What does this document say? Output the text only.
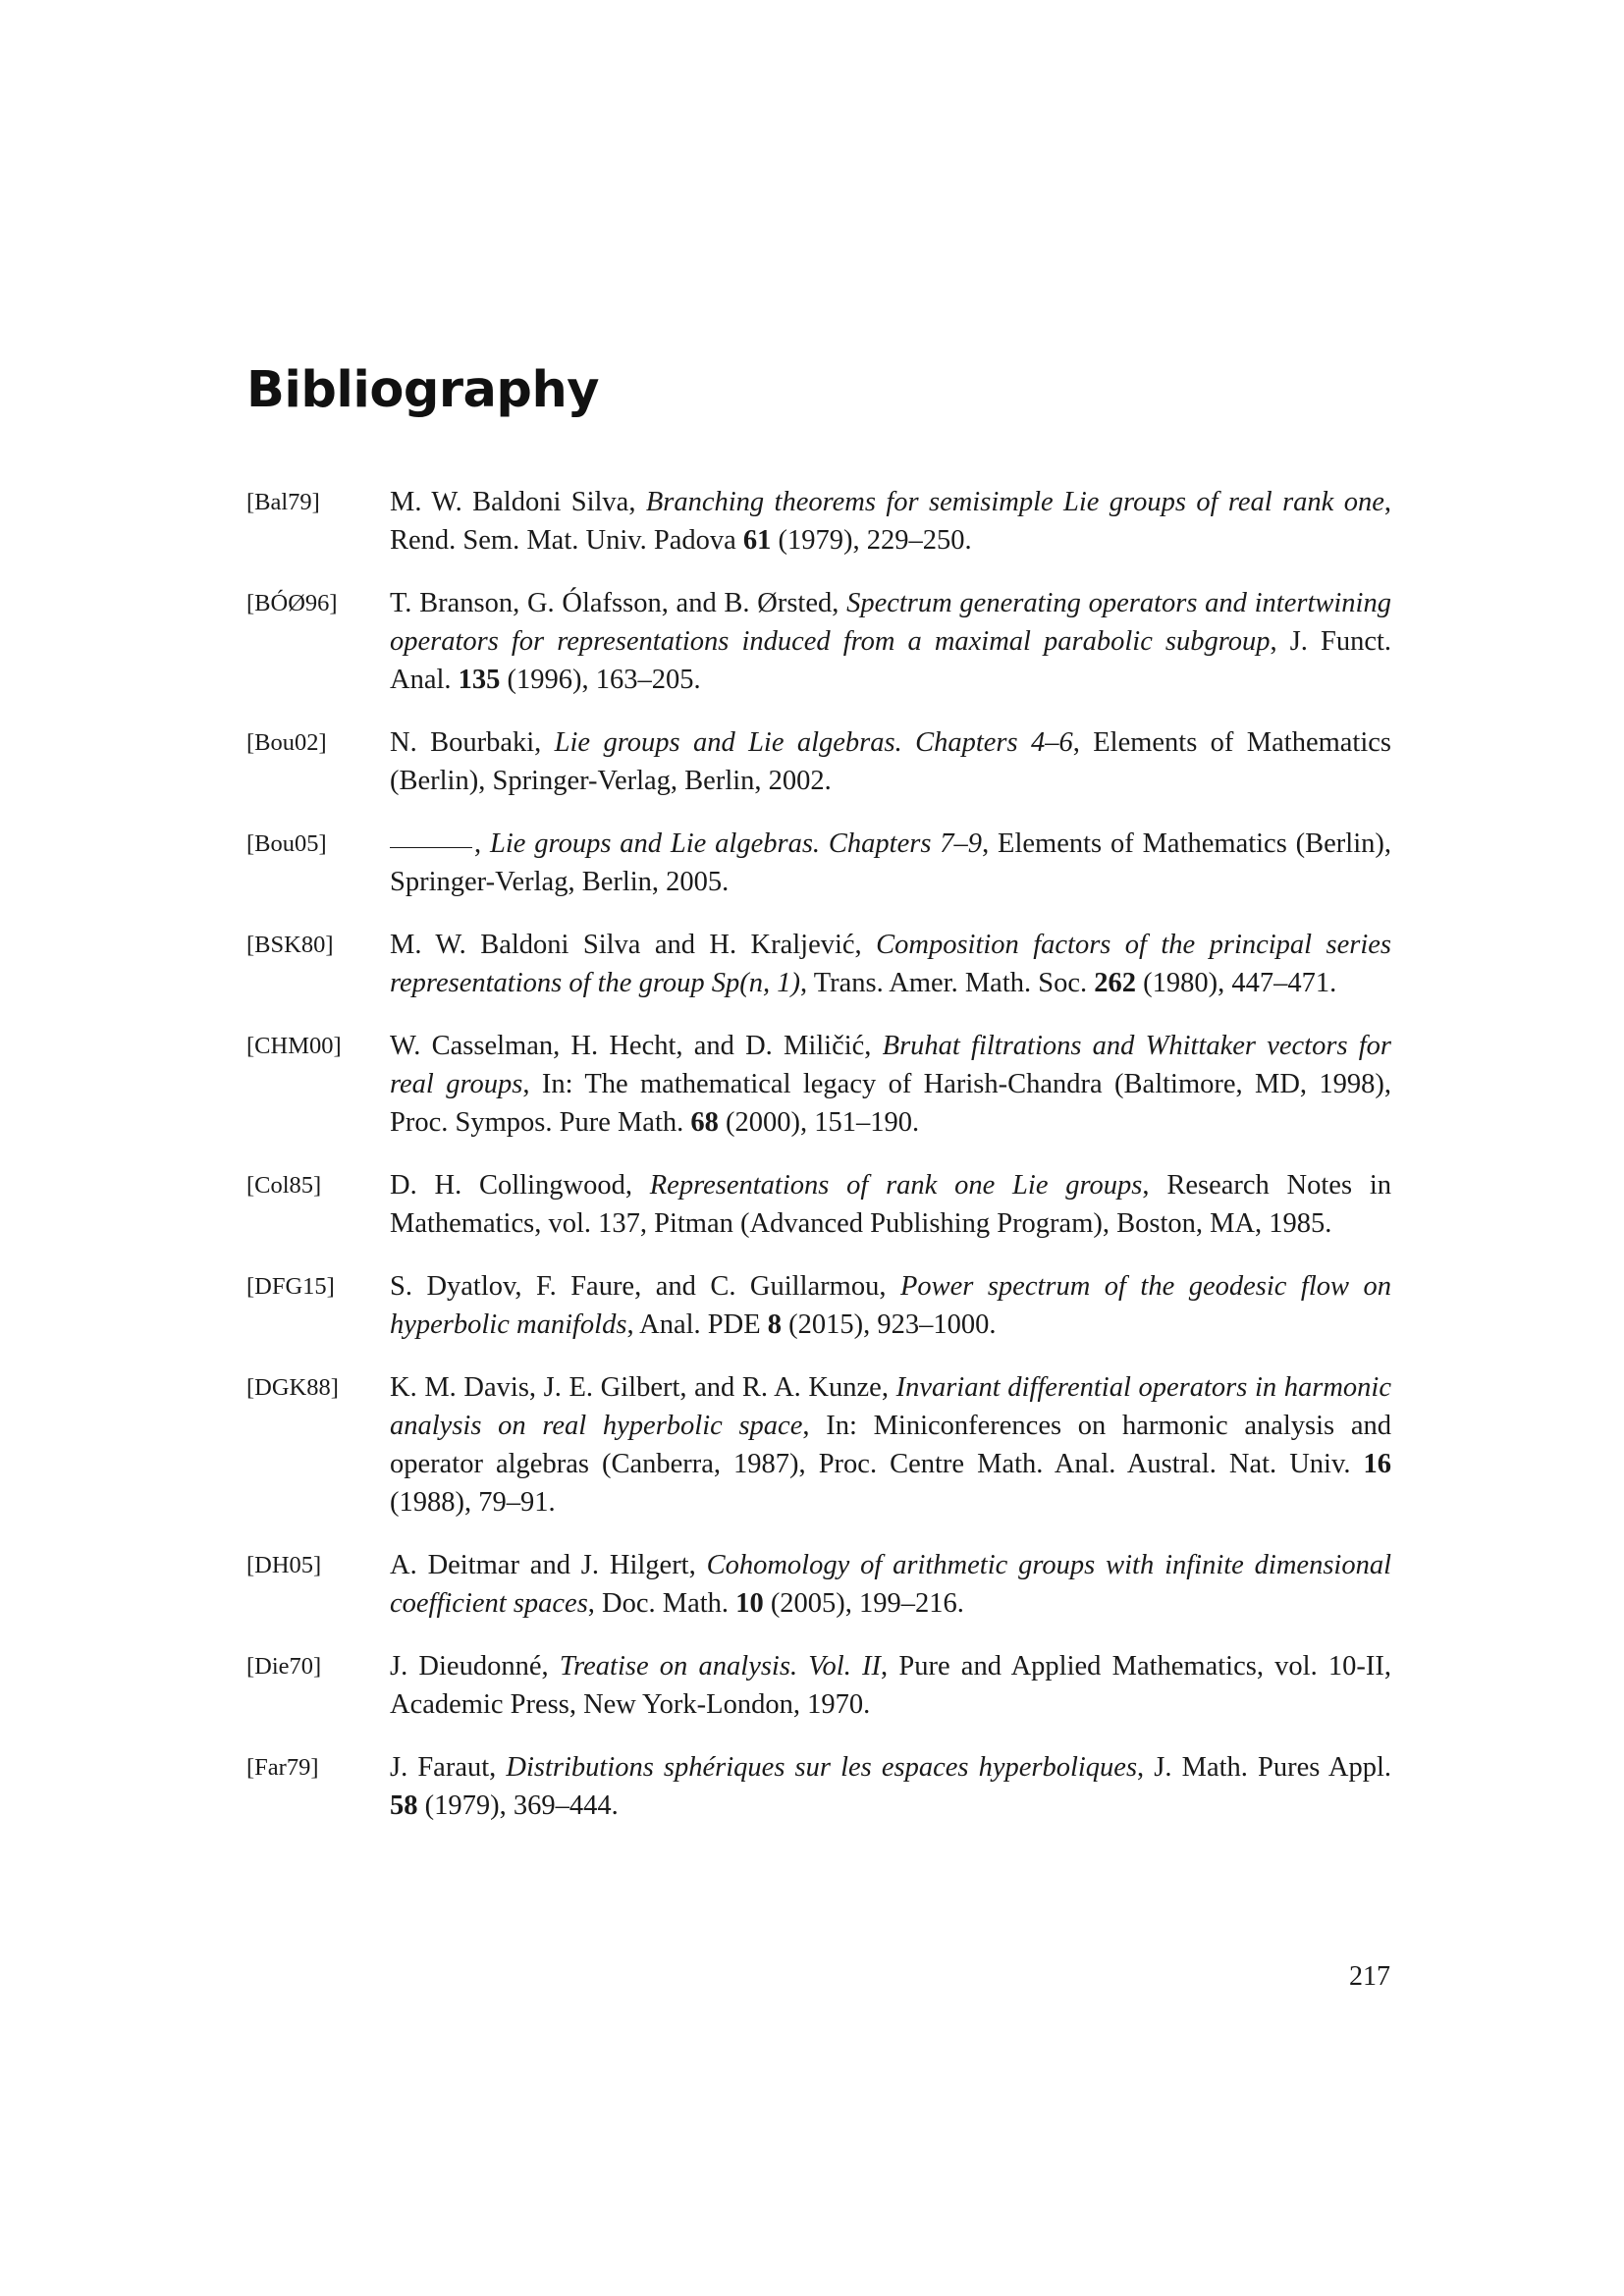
Bibliography
[Bal79]	M. W. Baldoni Silva, Branching theorems for semisimple Lie groups of real rank one, Rend. Sem. Mat. Univ. Padova 61 (1979), 229–250.
[BÓØ96]	T. Branson, G. Ólafsson, and B. Ørsted, Spectrum generating operators and intertwining operators for representations induced from a maximal parabolic subgroup, J. Funct. Anal. 135 (1996), 163–205.
[Bou02]	N. Bourbaki, Lie groups and Lie algebras. Chapters 4–6, Elements of Mathematics (Berlin), Springer-Verlag, Berlin, 2002.
[Bou05]	, Lie groups and Lie algebras. Chapters 7–9, Elements of Mathematics (Berlin), Springer-Verlag, Berlin, 2005.
[BSK80]	M. W. Baldoni Silva and H. Kraljević, Composition factors of the principal series representations of the group Sp(n, 1), Trans. Amer. Math. Soc. 262 (1980), 447–471.
[CHM00]	W. Casselman, H. Hecht, and D. Miličić, Bruhat filtrations and Whittaker vectors for real groups, In: The mathematical legacy of Harish-Chandra (Baltimore, MD, 1998), Proc. Sympos. Pure Math. 68 (2000), 151–190.
[Col85]	D. H. Collingwood, Representations of rank one Lie groups, Research Notes in Mathematics, vol. 137, Pitman (Advanced Publishing Program), Boston, MA, 1985.
[DFG15]	S. Dyatlov, F. Faure, and C. Guillarmou, Power spectrum of the geodesic flow on hyperbolic manifolds, Anal. PDE 8 (2015), 923–1000.
[DGK88]	K. M. Davis, J. E. Gilbert, and R. A. Kunze, Invariant differential operators in harmonic analysis on real hyperbolic space, In: Miniconferences on harmonic analysis and operator algebras (Canberra, 1987), Proc. Centre Math. Anal. Austral. Nat. Univ. 16 (1988), 79–91.
[DH05]	A. Deitmar and J. Hilgert, Cohomology of arithmetic groups with infinite dimensional coefficient spaces, Doc. Math. 10 (2005), 199–216.
[Die70]	J. Dieudonné, Treatise on analysis. Vol. II, Pure and Applied Mathematics, vol. 10-II, Academic Press, New York-London, 1970.
[Far79]	J. Faraut, Distributions sphériques sur les espaces hyperboliques, J. Math. Pures Appl. 58 (1979), 369–444.
217
